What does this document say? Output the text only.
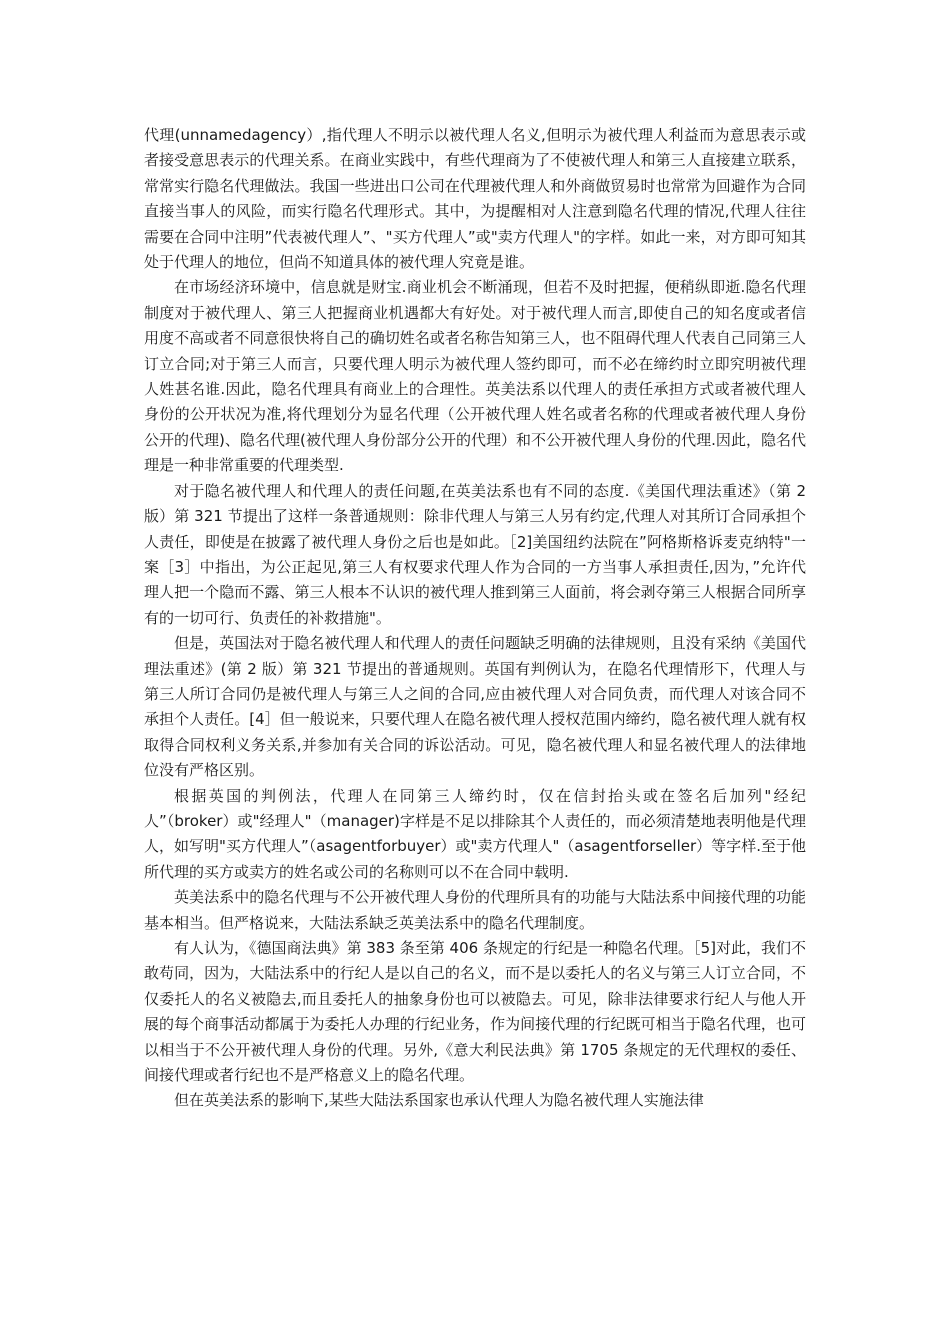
代理(unnamedagency）,指代理人不明示以被代理人名义,但明示为被代理人利益而为意思表示或者接受意思表示的代理关系。在商业实践中，有些代理商为了不使被代理人和第三人直接建立联系，常常实行隐名代理做法。我国一些进出口公司在代理被代理人和外商做贸易时也常常为回避作为合同直接当事人的风险，而实行隐名代理形式。其中，为提醒相对人注意到隐名代理的情况,代理人往往需要在合同中注明”代表被代理人”、"买方代理人”或"卖方代理人"的字样。如此一来，对方即可知其处于代理人的地位，但尚不知道具体的被代理人究竟是谁。

在市场经济环境中，信息就是财宝.商业机会不断涌现，但若不及时把握，便稍纵即逝.隐名代理制度对于被代理人、第三人把握商业机遇都大有好处。对于被代理人而言,即使自己的知名度或者信用度不高或者不同意很快将自己的确切姓名或者名称告知第三人，也不阻碍代理人代表自己同第三人订立合同;对于第三人而言，只要代理人明示为被代理人签约即可，而不必在缔约时立即究明被代理人姓甚名谁.因此，隐名代理具有商业上的合理性。英美法系以代理人的责任承担方式或者被代理人身份的公开状况为准,将代理划分为显名代理（公开被代理人姓名或者名称的代理或者被代理人身份公开的代理)、隐名代理(被代理人身份部分公开的代理）和不公开被代理人身份的代理.因此，隐名代理是一种非常重要的代理类型.

对于隐名被代理人和代理人的责任问题,在英美法系也有不同的态度.《美国代理法重述》（第 2 版）第 321 节提出了这样一条普通规则：除非代理人与第三人另有约定,代理人对其所订合同承担个人责任，即使是在披露了被代理人身份之后也是如此。［2]美国纽约法院在”阿格斯格诉麦克纳特"一案［3］中指出，为公正起见,第三人有权要求代理人作为合同的一方当事人承担责任,因为，”允许代理人把一个隐而不露、第三人根本不认识的被代理人推到第三人面前，将会剥夺第三人根据合同所享有的一切可行、负责任的补救措施"。

但是，英国法对于隐名被代理人和代理人的责任问题缺乏明确的法律规则，且没有采纳《美国代理法重述》(第 2 版）第 321 节提出的普通规则。英国有判例认为，在隐名代理情形下，代理人与第三人所订合同仍是被代理人与第三人之间的合同,应由被代理人对合同负责，而代理人对该合同不承担个人责任。[4］但一般说来，只要代理人在隐名被代理人授权范围内缔约，隐名被代理人就有权取得合同权利义务关系,并参加有关合同的诉讼活动。可见，隐名被代理人和显名被代理人的法律地位没有严格区别。

根据英国的判例法，代理人在同第三人缔约时，仅在信封抬头或在签名后加列"经纪人”（broker）或"经理人"（manager)字样是不足以排除其个人责任的，而必须清楚地表明他是代理人，如写明"买方代理人”（asagentforbuyer）或"卖方代理人"（asagentforseller）等字样.至于他所代理的买方或卖方的姓名或公司的名称则可以不在合同中载明.

英美法系中的隐名代理与不公开被代理人身份的代理所具有的功能与大陆法系中间接代理的功能基本相当。但严格说来，大陆法系缺乏英美法系中的隐名代理制度。

有人认为，《德国商法典》第 383 条至第 406 条规定的行纪是一种隐名代理。［5]对此，我们不敢苟同，因为，大陆法系中的行纪人是以自己的名义，而不是以委托人的名义与第三人订立合同，不仅委托人的名义被隐去,而且委托人的抽象身份也可以被隐去。可见，除非法律要求行纪人与他人开展的每个商事活动都属于为委托人办理的行纪业务，作为间接代理的行纪既可相当于隐名代理，也可以相当于不公开被代理人身份的代理。另外,《意大利民法典》第 1705 条规定的无代理权的委任、间接代理或者行纪也不是严格意义上的隐名代理。

但在英美法系的影响下,某些大陆法系国家也承认代理人为隐名被代理人实施法律
